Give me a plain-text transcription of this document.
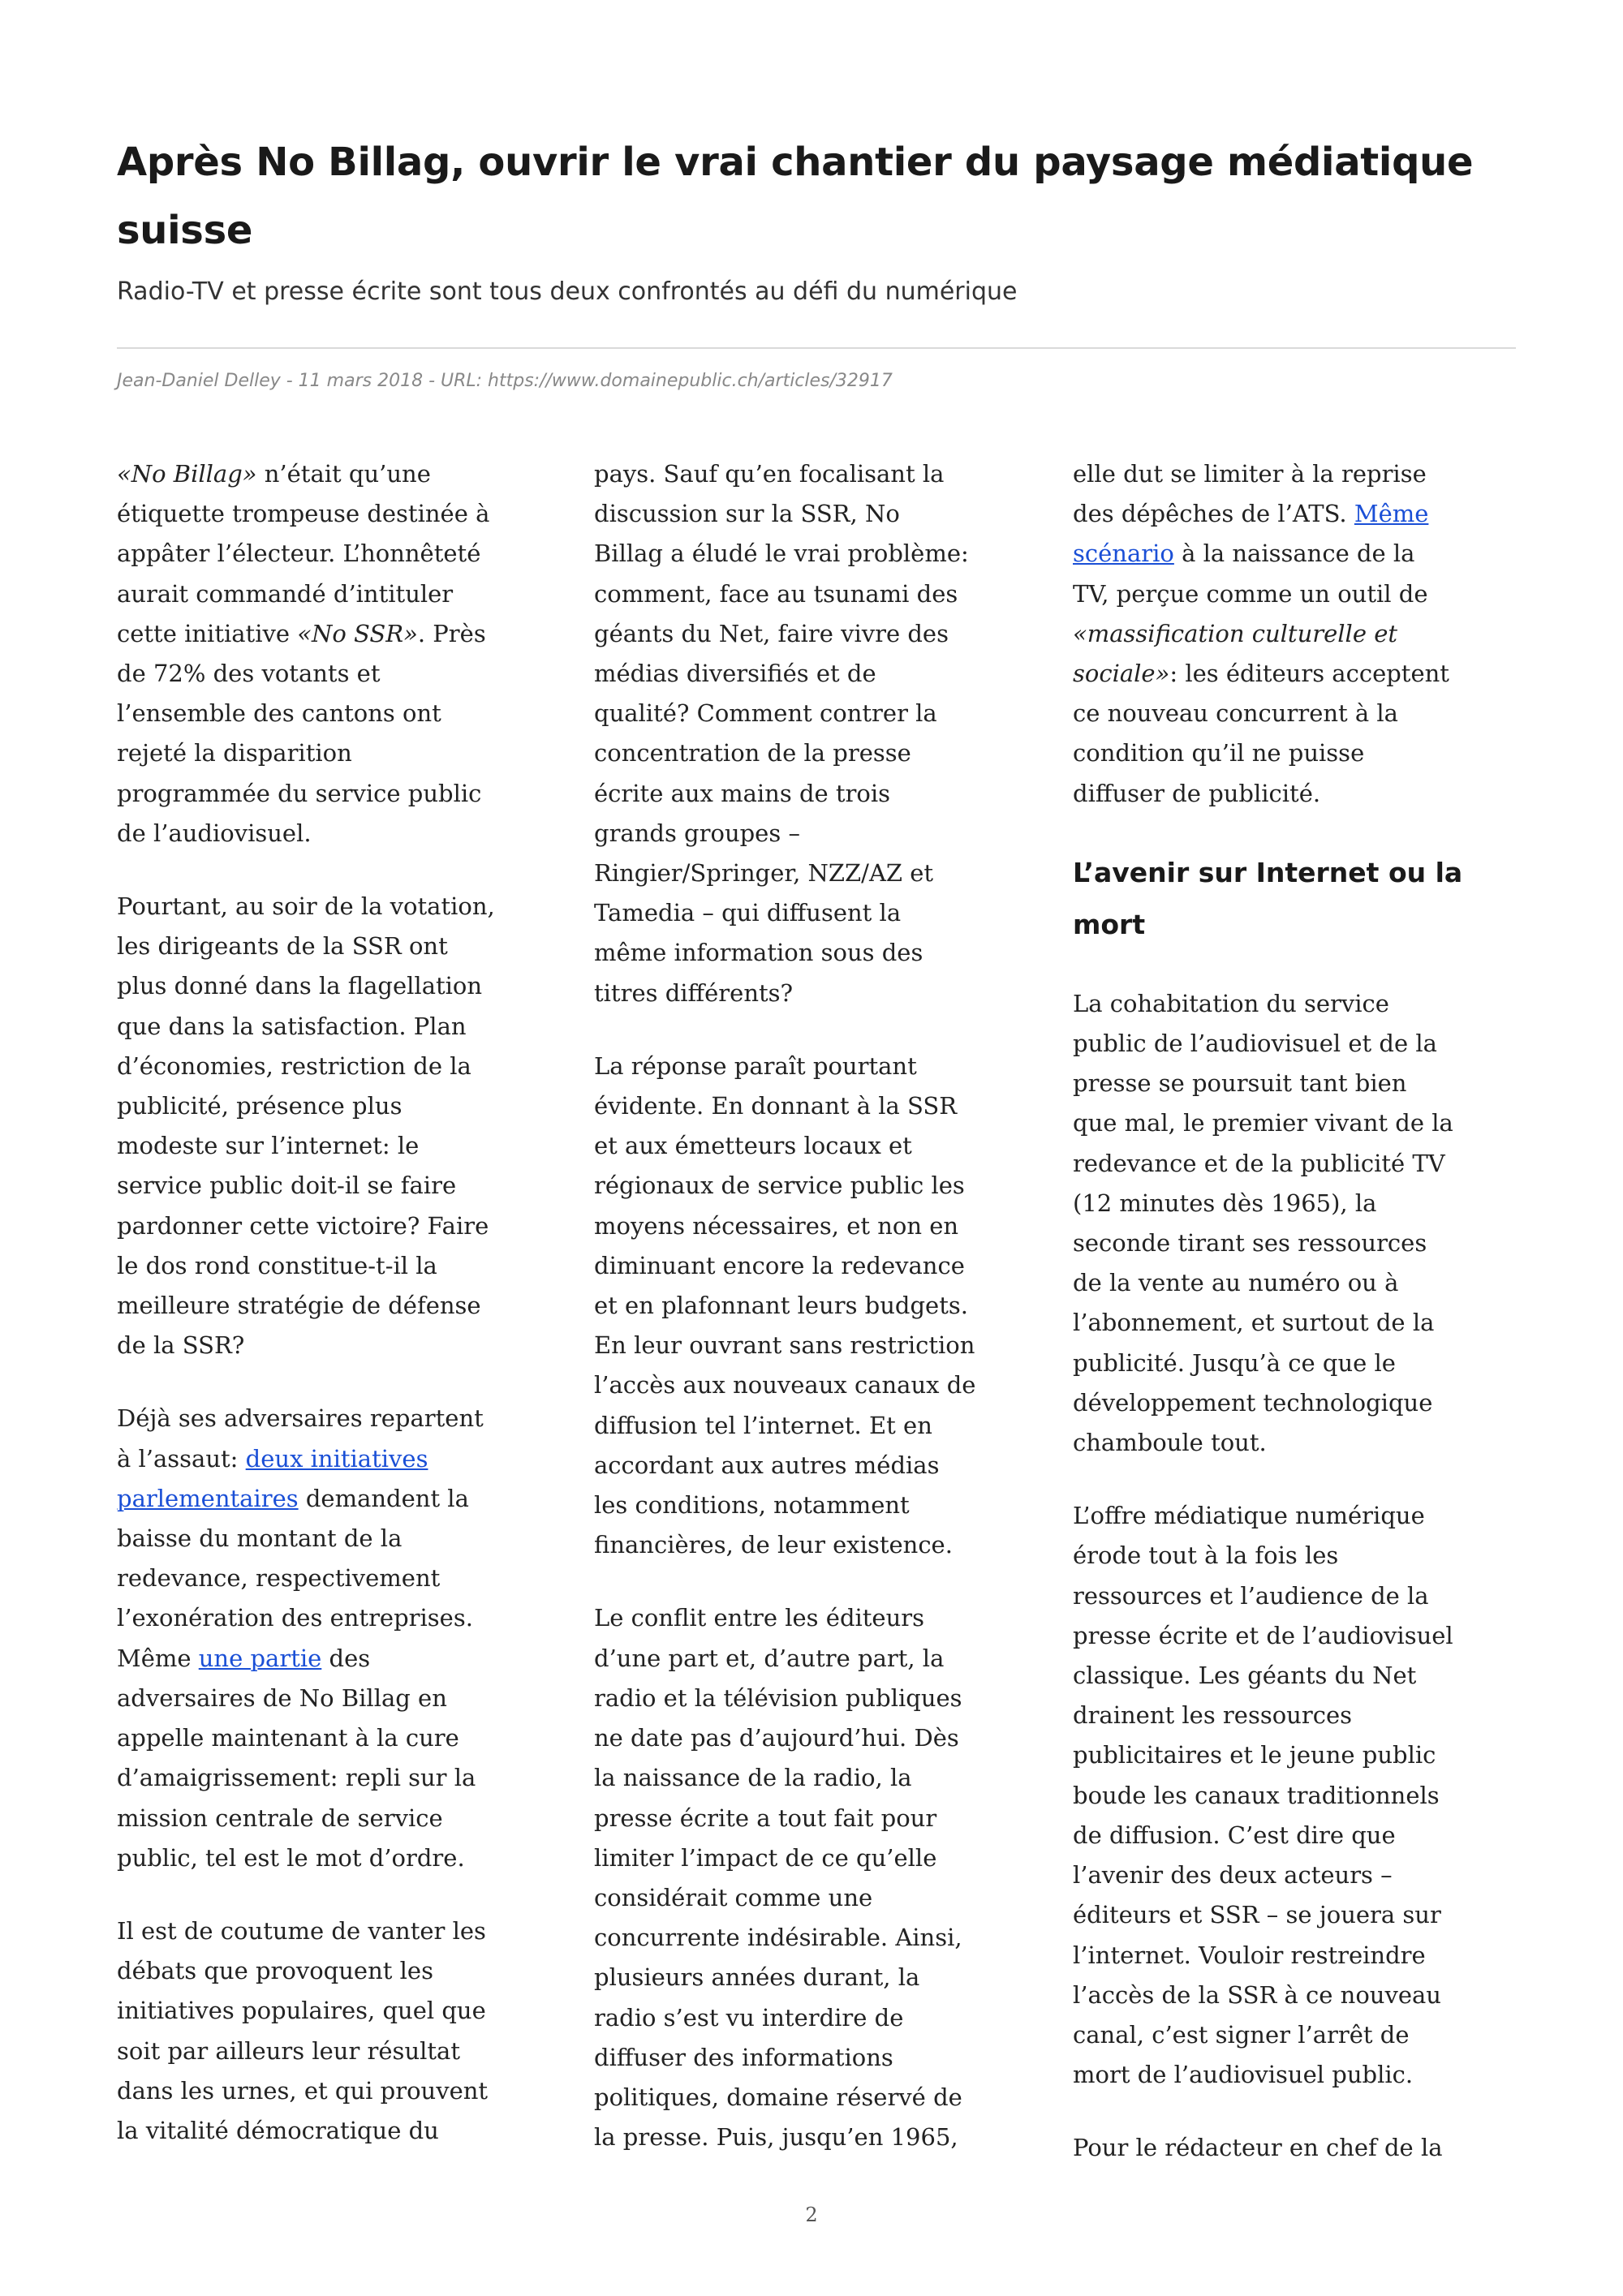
Après No Billag, ouvrir le vrai chantier du paysage médiatique suisse
Radio-TV et presse écrite sont tous deux confrontés au défi du numérique
Jean-Daniel Delley - 11 mars 2018 - URL: https://www.domainepublic.ch/articles/32917

«No Billag» n’était qu’une
étiquette trompeuse destinée à
appâter l’électeur. L’honnêteté
aurait commandé d’intituler
cette initiative «No SSR». Près
de 72% des votants et
l’ensemble des cantons ont
rejeté la disparition
programmée du service public
de l’audiovisuel.

Pourtant, au soir de la votation,
les dirigeants de la SSR ont
plus donné dans la flagellation
que dans la satisfaction. Plan
d’économies, restriction de la
publicité, présence plus
modeste sur l’internet: le
service public doit-il se faire
pardonner cette victoire? Faire
le dos rond constitue-t-il la
meilleure stratégie de défense
de la SSR?

Déjà ses adversaires repartent
à l’assaut: deux initiatives
parlementaires demandent la
baisse du montant de la
redevance, respectivement
l’exonération des entreprises.
Même une partie des
adversaires de No Billag en
appelle maintenant à la cure
d’amaigrissement: repli sur la
mission centrale de service
public, tel est le mot d’ordre.

Il est de coutume de vanter les
débats que provoquent les
initiatives populaires, quel que
soit par ailleurs leur résultat
dans les urnes, et qui prouvent
la vitalité démocratique du

pays. Sauf qu’en focalisant la
discussion sur la SSR, No
Billag a éludé le vrai problème:
comment, face au tsunami des
géants du Net, faire vivre des
médias diversifiés et de
qualité? Comment contrer la
concentration de la presse
écrite aux mains de trois
grands groupes –
Ringier/Springer, NZZ/AZ et
Tamedia – qui diffusent la
même information sous des
titres différents?

La réponse paraît pourtant
évidente. En donnant à la SSR
et aux émetteurs locaux et
régionaux de service public les
moyens nécessaires, et non en
diminuant encore la redevance
et en plafonnant leurs budgets.
En leur ouvrant sans restriction
l’accès aux nouveaux canaux de
diffusion tel l’internet. Et en
accordant aux autres médias
les conditions, notamment
financières, de leur existence.

Le conflit entre les éditeurs
d’une part et, d’autre part, la
radio et la télévision publiques
ne date pas d’aujourd’hui. Dès
la naissance de la radio, la
presse écrite a tout fait pour
limiter l’impact de ce qu’elle
considérait comme une
concurrente indésirable. Ainsi,
plusieurs années durant, la
radio s’est vu interdire de
diffuser des informations
politiques, domaine réservé de
la presse. Puis, jusqu’en 1965,

elle dut se limiter à la reprise
des dépêches de l’ATS. Même
scénario à la naissance de la
TV, perçue comme un outil de
«massification culturelle et
sociale»: les éditeurs acceptent
ce nouveau concurrent à la
condition qu’il ne puisse
diffuser de publicité.

L’avenir sur Internet ou la mort

La cohabitation du service
public de l’audiovisuel et de la
presse se poursuit tant bien
que mal, le premier vivant de la
redevance et de la publicité TV
(12 minutes dès 1965), la
seconde tirant ses ressources
de la vente au numéro ou à
l’abonnement, et surtout de la
publicité. Jusqu’à ce que le
développement technologique
chamboule tout.

L’offre médiatique numérique
érode tout à la fois les
ressources et l’audience de la
presse écrite et de l’audiovisuel
classique. Les géants du Net
drainent les ressources
publicitaires et le jeune public
boude les canaux traditionnels
de diffusion. C’est dire que
l’avenir des deux acteurs –
éditeurs et SSR – se jouera sur
l’internet. Vouloir restreindre
l’accès de la SSR à ce nouveau
canal, c’est signer l’arrêt de
mort de l’audiovisuel public.

Pour le rédacteur en chef de la

2
